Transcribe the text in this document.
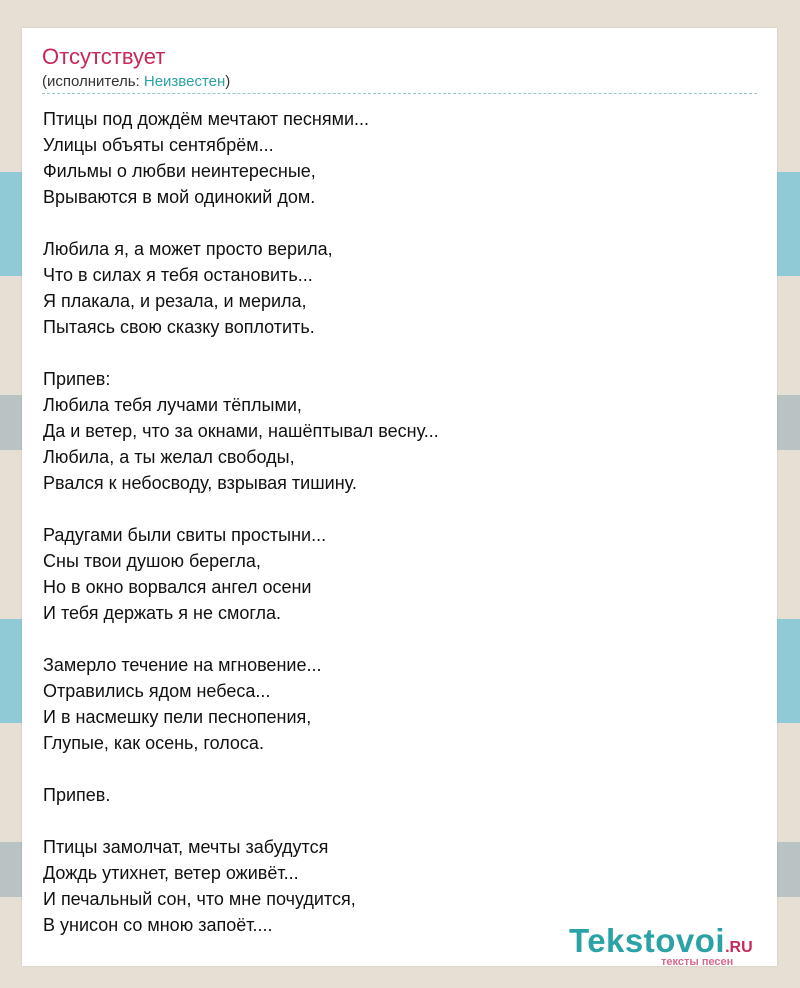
Отсутствует
(исполнитель: Неизвестен)
Птицы под дождём мечтают песнями...
Улицы объяты сентябрём...
Фильмы о любви неинтересные,
Врываются в мой одинокий дом.
Любила я, а может просто верила,
Что в силах я тебя остановить...
Я плакала, и резала, и мерила,
Пытаясь свою сказку воплотить.
Припев:
Любила тебя лучами тёплыми,
Да и ветер, что за окнами, нашёптывал весну...
Любила, а ты желал свободы,
Рвался к небосводу, взрывая тишину.
Радугами были свиты простыни...
Сны твои душою берегла,
Но в окно ворвался ангел осени
И тебя держать я не смогла.
Замерло течение на мгновение...
Отравились ядом небеса...
И в насмешку пели песнопения,
Глупые, как осень, голоса.
Припев.
Птицы замолчат, мечты забудутся
Дождь утихнет, ветер оживёт...
И печальный сон, что мне почудится,
В унисон со мною запоёт....	Tekstovoi.RU
тексты песен
